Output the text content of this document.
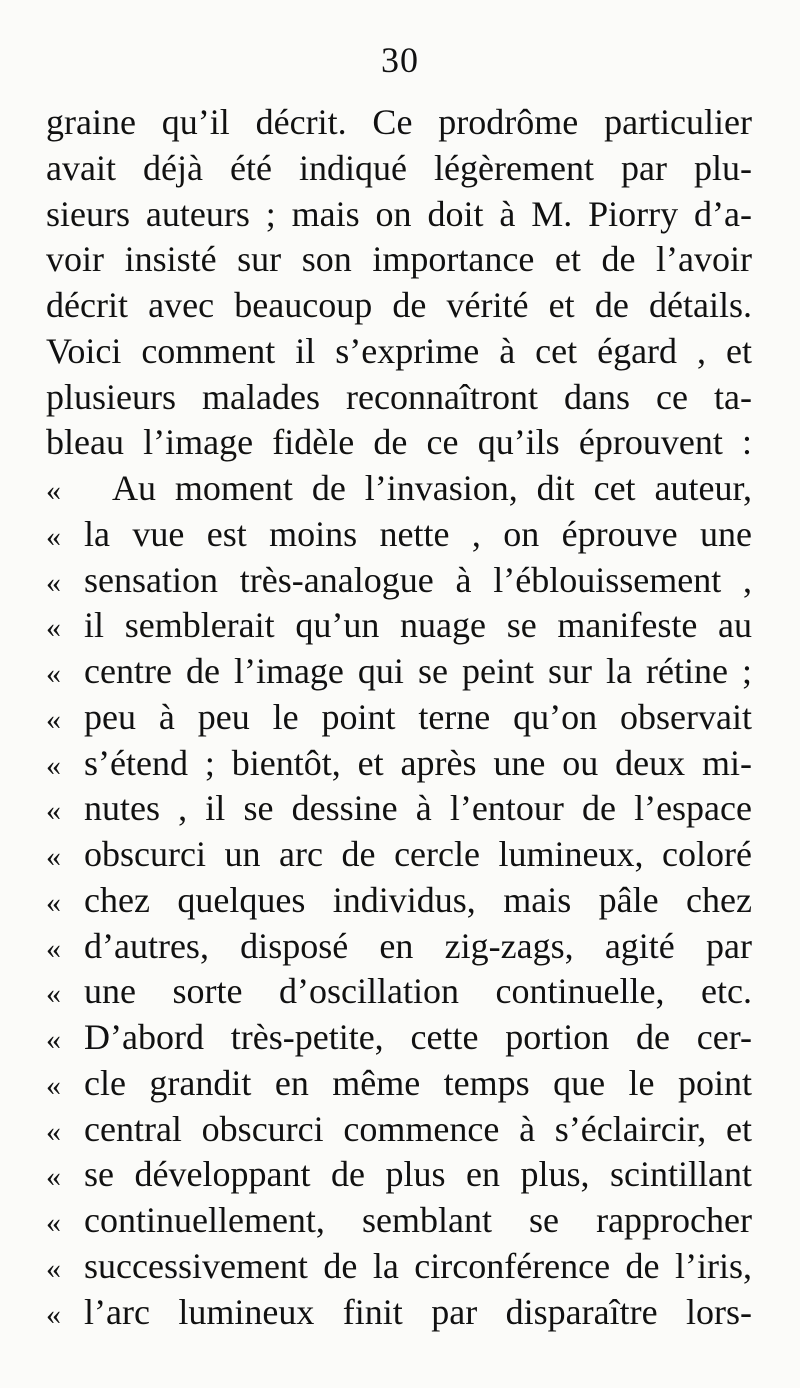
30
graine qu’il décrit. Ce prodrôme particulier
avait déjà été indiqué légèrement par plu-
sieurs auteurs ; mais on doit à M. Piorry d’a-
voir insisté sur son importance et de l’avoir
décrit avec beaucoup de vérité et de détails.
Voici comment il s’exprime à cet égard , et
plusieurs malades reconnaîtront dans ce ta-
bleau l’image fidèle de ce qu’ils éprouvent :
« Au moment de l’invasion, dit cet auteur,
« la vue est moins nette , on éprouve une
« sensation très-analogue à l’éblouissement ,
« il semblerait qu’un nuage se manifeste au
« centre de l’image qui se peint sur la rétine ;
« peu à peu le point terne qu’on observait
« s’étend ; bientôt, et après une ou deux mi-
« nutes , il se dessine à l’entour de l’espace
« obscurci un arc de cercle lumineux, coloré
« chez quelques individus, mais pâle chez
« d’autres, disposé en zig-zags, agité par
« une sorte d’oscillation continuelle, etc.
« D’abord très-petite, cette portion de cer-
« cle grandit en même temps que le point
« central obscurci commence à s’éclaircir, et
« se développant de plus en plus, scintillant
« continuellement, semblant se rapprocher
« successivement de la circonférence de l’iris,
« l’arc lumineux finit par disparaître lors-
